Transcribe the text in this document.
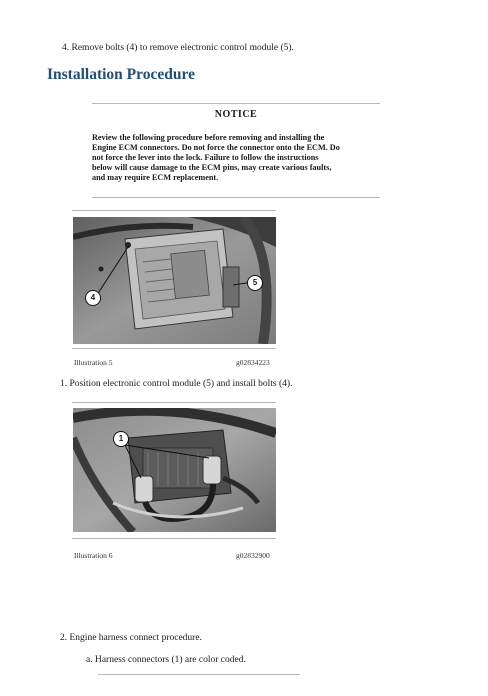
4. Remove bolts (4) to remove electronic control module (5).
Installation Procedure
NOTICE
Review the following procedure before removing and installing the
Engine ECM connectors. Do not force the connector onto the ECM. Do
not force the lever into the lock. Failure to follow the instructions
below will cause damage to the ECM pins, may create various faults,
and may require ECM replacement.
4
5
Illustration 5	g02834223
1. Position electronic control module (5) and install bolts (4).
1
Illustration 6	g02832900
2. Engine harness connect procedure.
a. Harness connectors (1) are color coded.
